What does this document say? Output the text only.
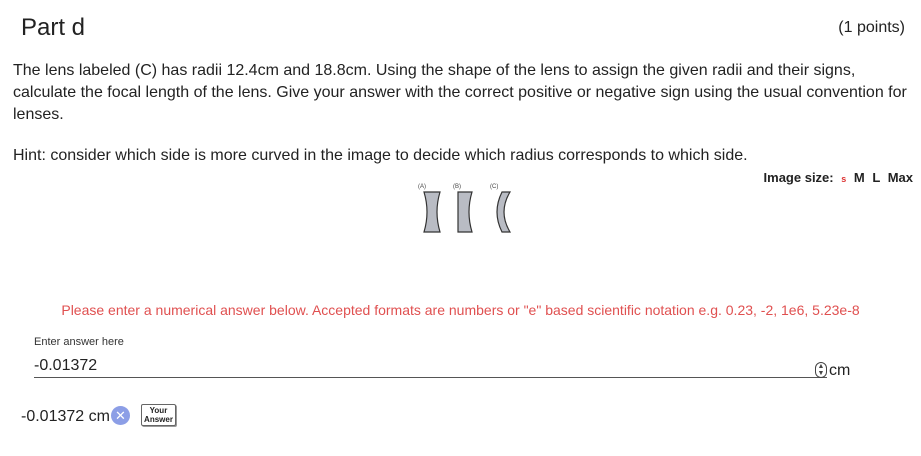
Part d	(1 points)
The lens labeled (C) has radii 12.4cm and 18.8cm. Using the shape of the lens to assign the given radii and their signs, calculate the focal length of the lens. Give your answer with the correct positive or negative sign using the usual convention for lenses.
Hint: consider which side is more curved in the image to decide which radius corresponds to which side.
Image size: s M L Max
(A)	(B)	(C)
Please enter a numerical answer below. Accepted formats are numbers or "e" based scientific notation e.g. 0.23, -2, 1e6, 5.23e-8
Enter answer here
-0.01372
▲
▼ cm
-0.01372 cm ✕	Your
Answer
